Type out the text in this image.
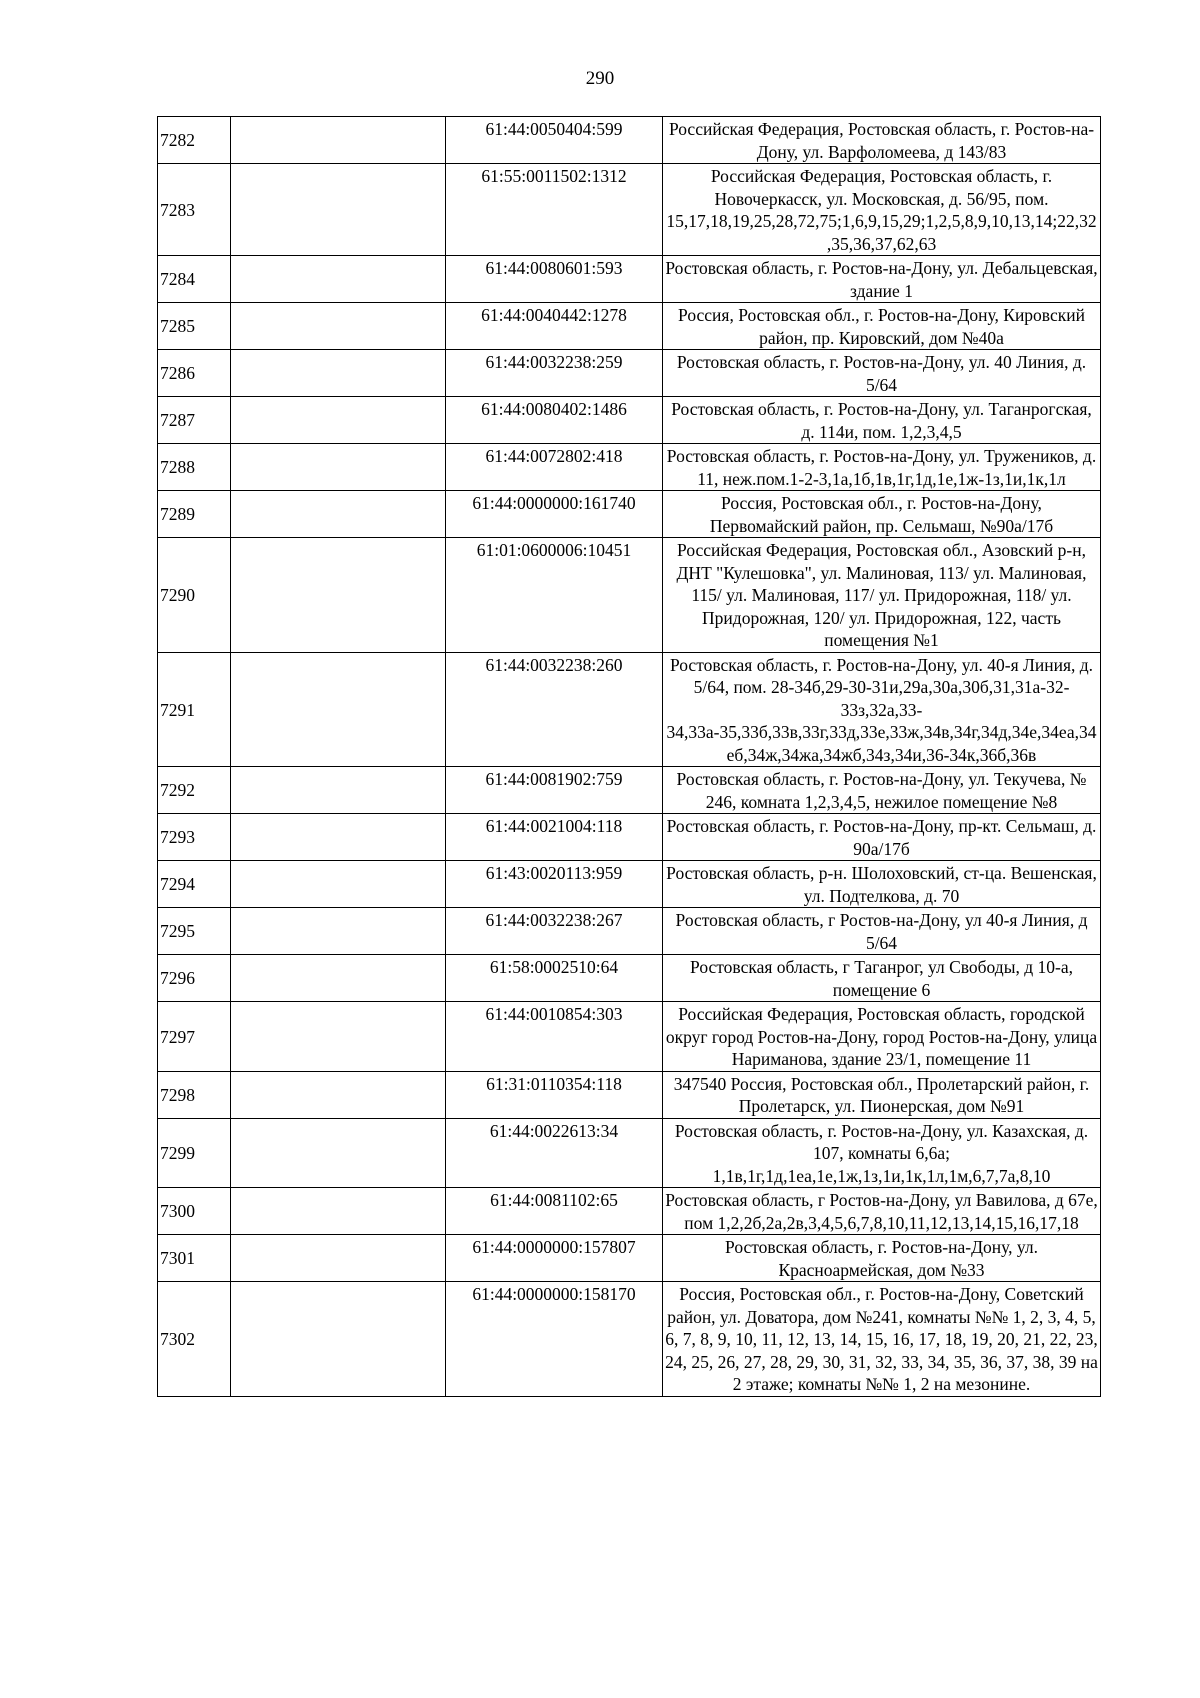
290
7282		61:44:0050404:599	Российская Федерация, Ростовская область, г. Ростов-на-Дону, ул. Варфоломеева, д 143/83
7283		61:55:0011502:1312	Российская Федерация, Ростовская область, г. Новочеркасск, ул. Московская, д. 56/95, пом. 15,17,18,19,25,28,72,75;1,6,9,15,29;1,2,5,8,9,10,13,14;22,32,35,36,37,62,63
7284		61:44:0080601:593	Ростовская область, г. Ростов-на-Дону, ул. Дебальцевская, здание 1
7285		61:44:0040442:1278	Россия, Ростовская обл., г. Ростов-на-Дону, Кировский район, пр. Кировский, дом №40а
7286		61:44:0032238:259	Ростовская область, г. Ростов-на-Дону, ул. 40 Линия, д. 5/64
7287		61:44:0080402:1486	Ростовская область, г. Ростов-на-Дону, ул. Таганрогская, д. 114и, пом. 1,2,3,4,5
7288		61:44:0072802:418	Ростовская область, г. Ростов-на-Дону, ул. Тружеников, д. 11, неж.пом.1-2-3,1а,1б,1в,1г,1д,1е,1ж-1з,1и,1к,1л
7289		61:44:0000000:161740	Россия, Ростовская обл., г. Ростов-на-Дону, Первомайский район, пр. Сельмаш, №90а/17б
7290		61:01:0600006:10451	Российская Федерация, Ростовская обл., Азовский р-н, ДНТ "Кулешовка", ул. Малиновая, 113/ ул. Малиновая, 115/ ул. Малиновая, 117/ ул. Придорожная, 118/ ул. Придорожная, 120/ ул. Придорожная, 122, часть помещения №1
7291		61:44:0032238:260	Ростовская область, г. Ростов-на-Дону, ул. 40-я Линия, д. 5/64, пом. 28-34б,29-30-31и,29а,30а,30б,31,31а-32-33з,32а,33-34,33а-35,33б,33в,33г,33д,33е,33ж,34в,34г,34д,34е,34еа,34еб,34ж,34жа,34жб,34з,34и,36-34к,36б,36в
7292		61:44:0081902:759	Ростовская область, г. Ростов-на-Дону, ул. Текучева, № 246, комната 1,2,3,4,5, нежилое помещение №8
7293		61:44:0021004:118	Ростовская область, г. Ростов-на-Дону, пр-кт. Сельмаш, д. 90а/17б
7294		61:43:0020113:959	Ростовская область, р-н. Шолоховский, ст-ца. Вешенская, ул. Подтелкова, д. 70
7295		61:44:0032238:267	Ростовская область, г Ростов-на-Дону, ул 40-я Линия, д 5/64
7296		61:58:0002510:64	Ростовская область, г Таганрог, ул Свободы, д 10-а, помещение 6
7297		61:44:0010854:303	Российская Федерация, Ростовская область, городской округ город Ростов-на-Дону, город Ростов-на-Дону, улица Нариманова, здание 23/1, помещение 11
7298		61:31:0110354:118	347540 Россия, Ростовская обл., Пролетарский район, г. Пролетарск, ул. Пионерская, дом №91
7299		61:44:0022613:34	Ростовская область, г. Ростов-на-Дону, ул. Казахская, д. 107, комнаты 6,6а; 1,1в,1г,1д,1еа,1е,1ж,1з,1и,1к,1л,1м,6,7,7а,8,10
7300		61:44:0081102:65	Ростовская область, г Ростов-на-Дону, ул Вавилова, д 67е, пом 1,2,2б,2а,2в,3,4,5,6,7,8,10,11,12,13,14,15,16,17,18
7301		61:44:0000000:157807	Ростовская область, г. Ростов-на-Дону, ул. Красноармейская, дом №33
7302		61:44:0000000:158170	Россия, Ростовская обл., г. Ростов-на-Дону, Советский район, ул. Доватора, дом №241, комнаты №№ 1, 2, 3, 4, 5, 6, 7, 8, 9, 10, 11, 12, 13, 14, 15, 16, 17, 18, 19, 20, 21, 22, 23, 24, 25, 26, 27, 28, 29, 30, 31, 32, 33, 34, 35, 36, 37, 38, 39 на 2 этаже; комнаты №№ 1, 2 на мезонине.
